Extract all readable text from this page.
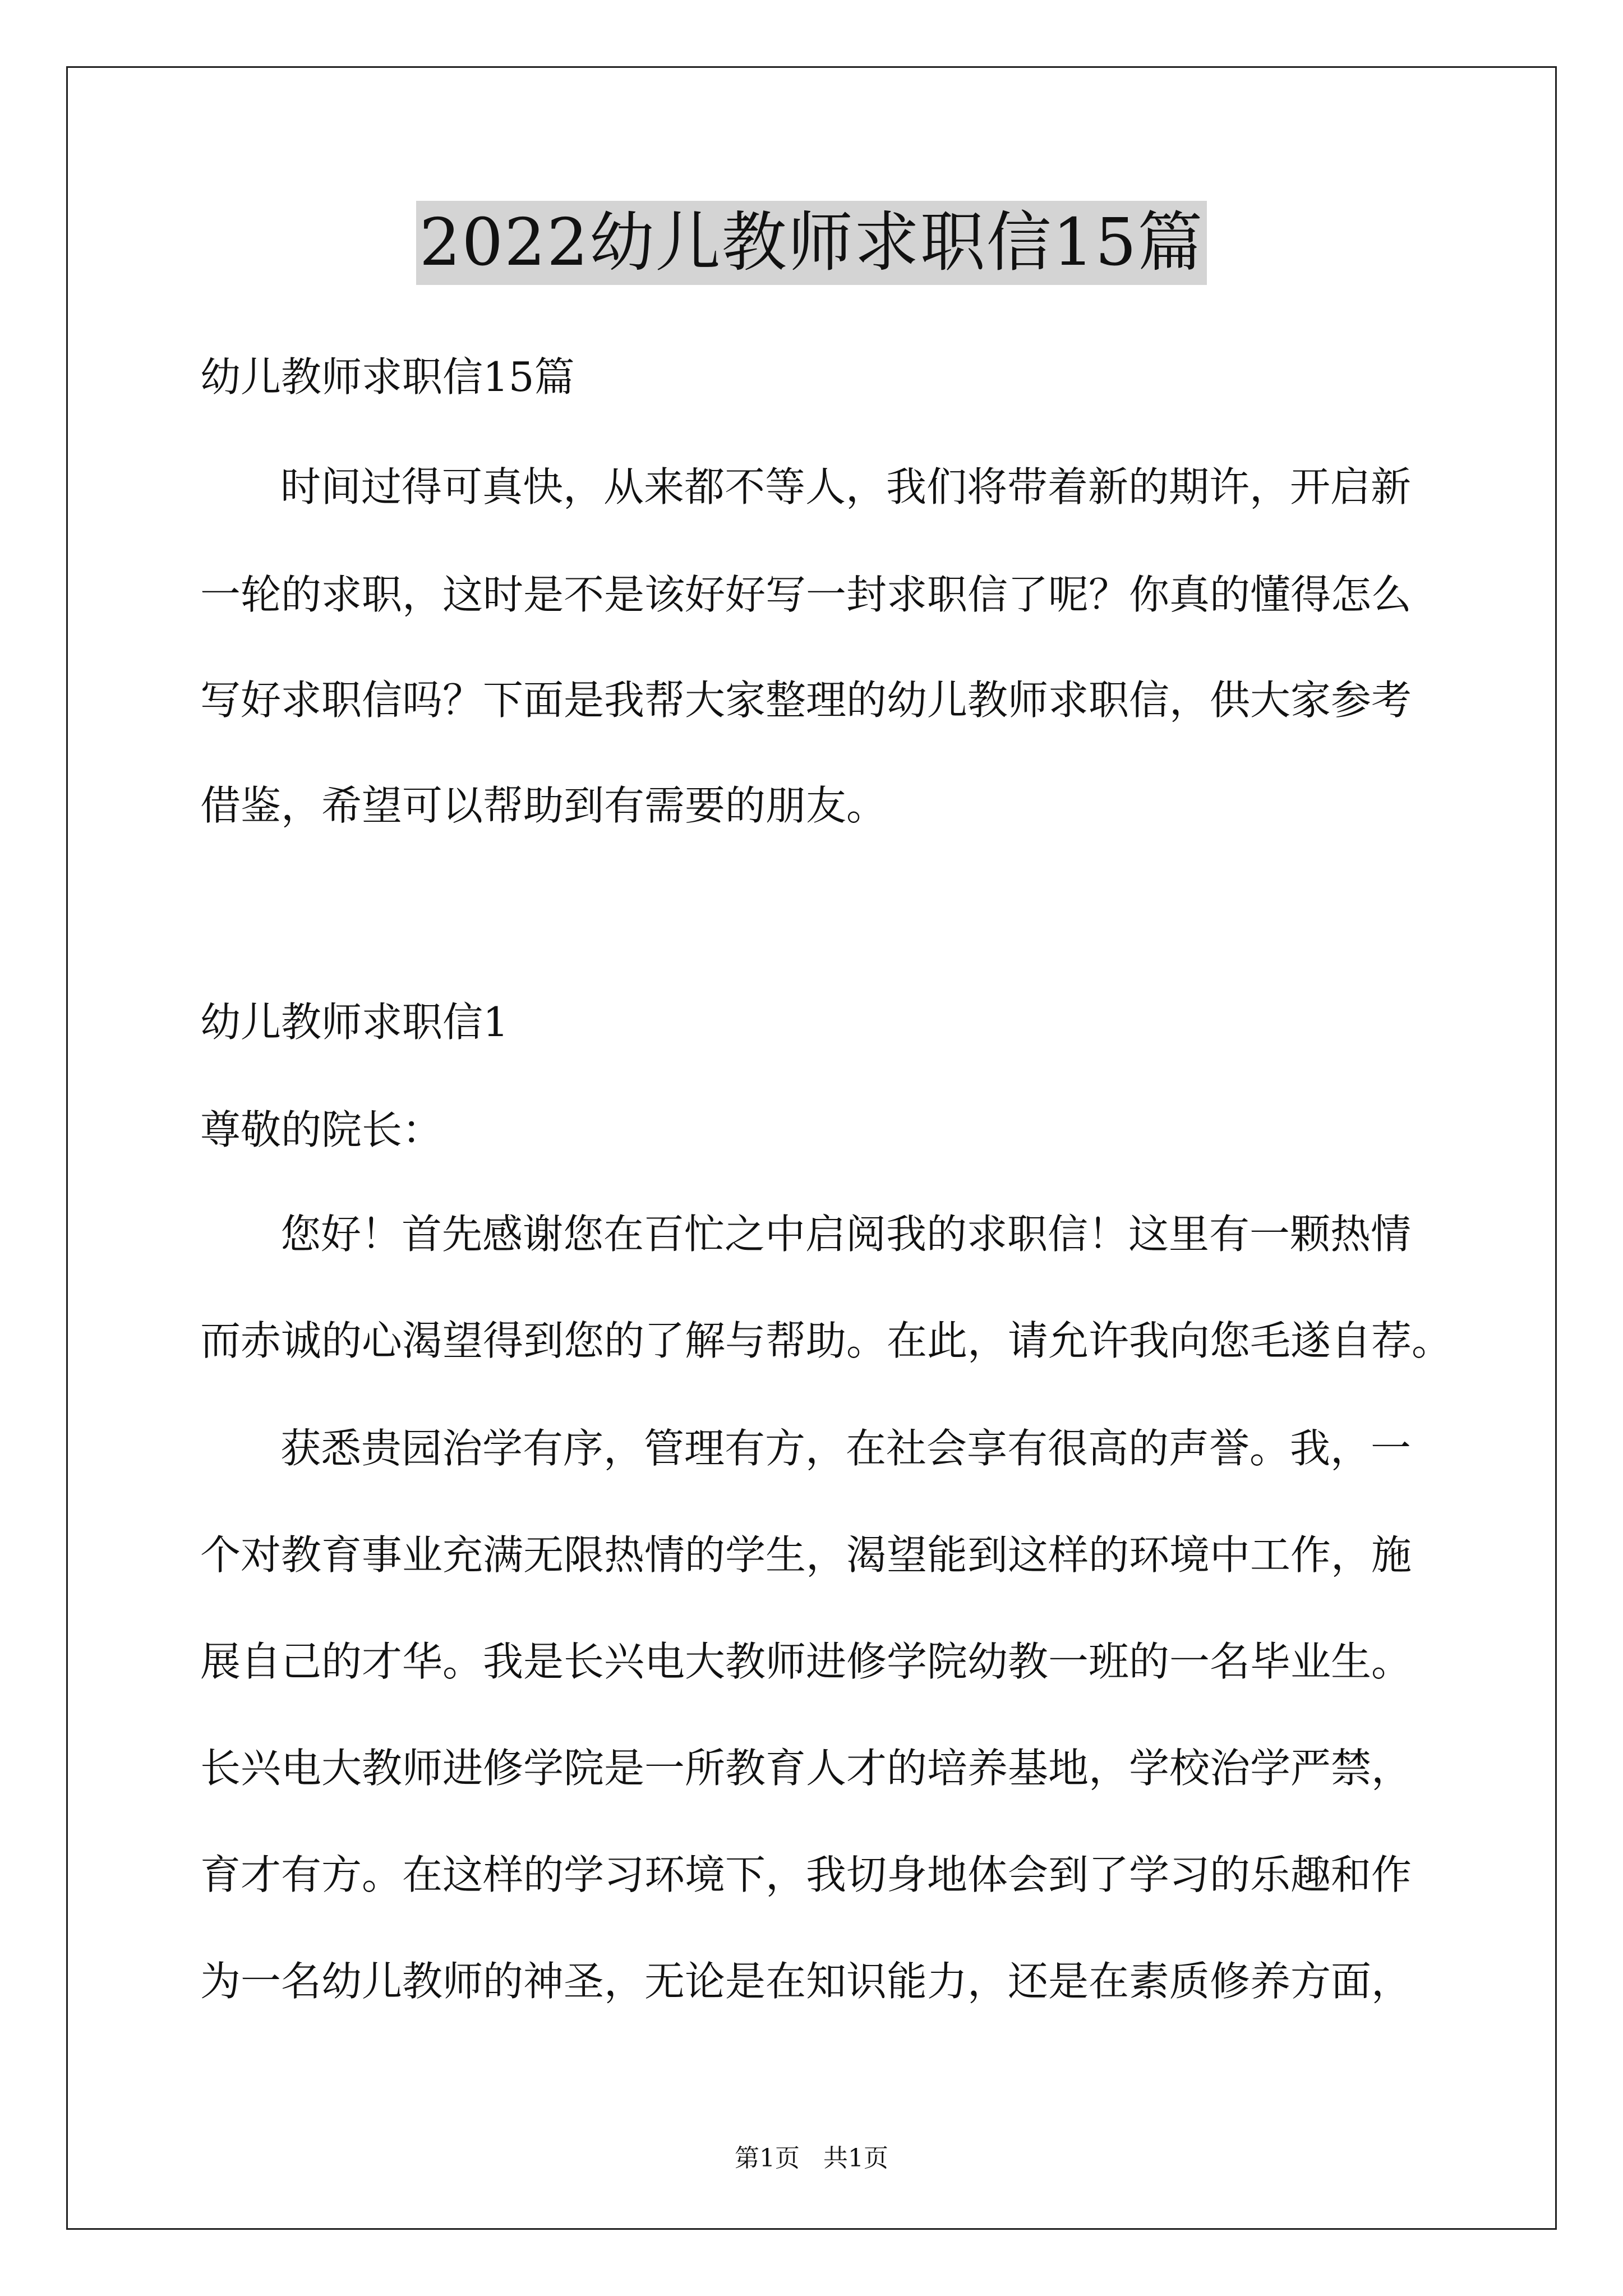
2022幼儿教师求职信15篇
幼儿教师求职信15篇
时间过得可真快，从来都不等人，我们将带着新的期许，开启新
一轮的求职，这时是不是该好好写一封求职信了呢？你真的懂得怎么
写好求职信吗？下面是我帮大家整理的幼儿教师求职信，供大家参考
借鉴，希望可以帮助到有需要的朋友。
幼儿教师求职信1
尊敬的院长：
您好！首先感谢您在百忙之中启阅我的求职信！这里有一颗热情
而赤诚的心渴望得到您的了解与帮助。在此，请允许我向您毛遂自荐。
获悉贵园治学有序，管理有方，在社会享有很高的声誉。我，一
个对教育事业充满无限热情的学生，渴望能到这样的环境中工作，施
展自己的才华。我是长兴电大教师进修学院幼教一班的一名毕业生。
长兴电大教师进修学院是一所教育人才的培养基地，学校治学严禁，
育才有方。在这样的学习环境下，我切身地体会到了学习的乐趣和作
为一名幼儿教师的神圣，无论是在知识能力，还是在素质修养方面，
第1页 共1页
